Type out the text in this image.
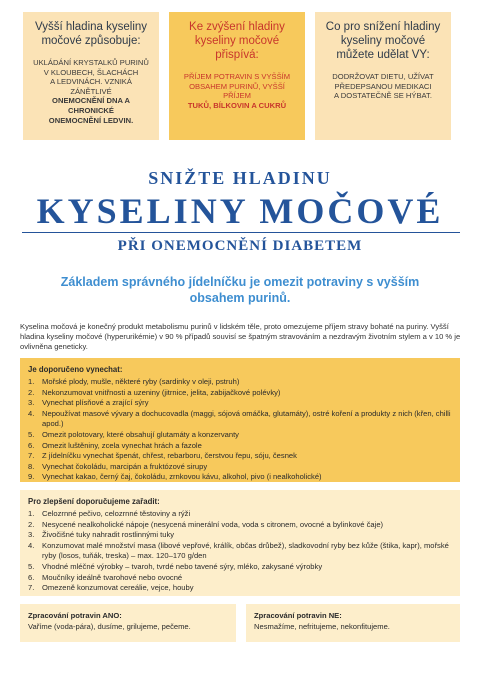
Vyšší hladina kyseliny močové způsobuje:
UKLÁDÁNÍ KRYSTALKŮ PURINŮ
V KLOUBECH, ŠLACHÁCH
A LEDVINÁCH. VZNIKÁ ZÁNĚTLIVÉ
ONEMOCNĚNÍ DNA A CHRONICKÉ
ONEMOCNĚNÍ LEDVIN.
Ke zvýšení hladiny kyseliny močové přispívá:
PŘÍJEM POTRAVIN S VYŠŠÍM
OBSAHEM PURINŮ, VYŠŠÍ PŘÍJEM
TUKŮ, BÍLKOVIN A CUKRŮ
Co pro snížení hladiny kyseliny močové můžete udělat VY:
DODRŽOVAT DIETU, UŽÍVAT
PŘEDEPSANOU MEDIKACI
A DOSTATEČNĚ SE HÝBAT.
SNIŽTE HLADINU
KYSELINY MOČOVÉ
PŘI ONEMOCNĚNÍ DIABETEM
Základem správného jídelníčku je omezit potraviny s vyšším obsahem purinů.
Kyselina močová je konečný produkt metabolismu purinů v lidském těle, proto omezujeme příjem stravy bohaté na puriny. Vyšší hladina kyseliny močové (hyperurikémie) v 90 % případů souvisí se špatným stravováním a nezdravým životním stylem a v 10 % je ovlivněna geneticky.
Je doporučeno vynechat:
1.	Mořské plody, mušle, některé ryby (sardinky v oleji, pstruh)
2.	Nekonzumovat vnitřnosti a uzeniny (jitrnice, jelita, zabijačkové polévky)
3.	Vynechat plísňové a zrající sýry
4.	Nepoužívat masové vývary a dochucovadla (maggi, sójová omáčka, glutamáty), ostré koření a produkty z nich (křen, chilli apod.)
5.	Omezit polotovary, které obsahují glutamáty a konzervanty
6.	Omezit luštěniny, zcela vynechat hrách a fazole
7.	Z jídelníčku vynechat špenát, chřest, rebarboru, čerstvou řepu, sóju, česnek
8.	Vynechat čokoládu, marcipán a fruktózové sirupy
9.	Vynechat kakao, černý čaj, čokoládu, zrnkovou kávu, alkohol, pivo (i nealkoholické)
Pro zlepšení doporučujeme zařadit:
1.	Celozrnné pečivo, celozrnné těstoviny a rýži
2.	Nesycené nealkoholické nápoje (nesycená minerální voda, voda s citronem, ovocné a bylinkové čaje)
3.	Živočišné tuky nahradit rostlinnými tuky
4.	Konzumovat malé množství masa (libové vepřové, králík, občas drůbež), sladkovodní ryby bez kůže (štika, kapr), mořské ryby (losos, tuňák, treska) – max. 120–170 g/den
5.	Vhodné mléčné výrobky – tvaroh, tvrdé nebo tavené sýry, mléko, zakysané výrobky
6.	Moučníky ideálně tvarohové nebo ovocné
7.	Omezeně konzumovat cereálie, vejce, houby
Zpracování potravin ANO:
Vaříme (voda-pára), dusíme, grilujeme, pečeme.
Zpracování potravin NE:
Nesmažíme, nefritujeme, nekonfitujeme.
